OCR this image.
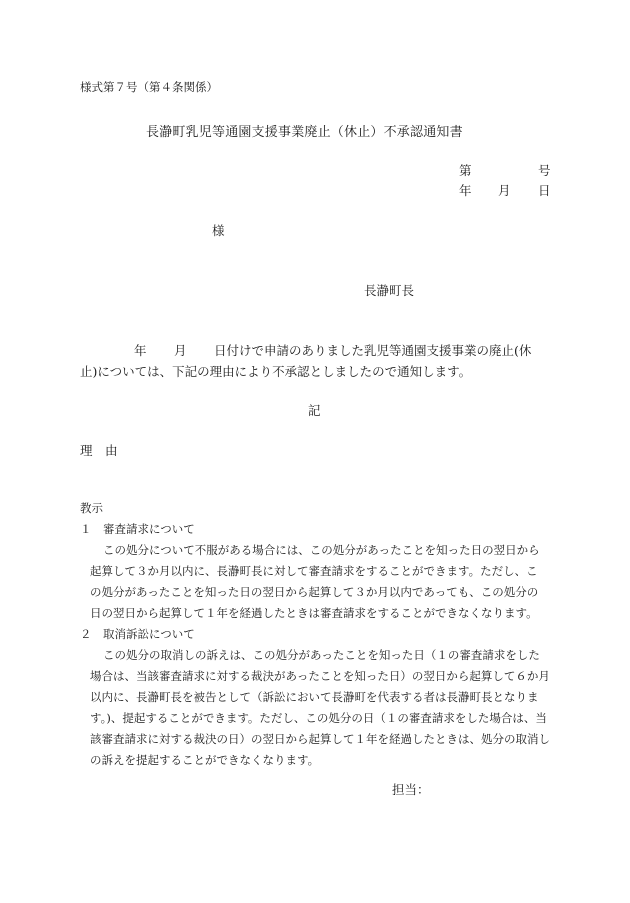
様式第７号（第４条関係）
長瀞町乳児等通園支援事業廃止（休止）不承認通知書
第	号
年 月 日
様
長瀞町長
年 月 日付けで申請のありました乳児等通園支援事業の廃止(休
止)については、下記の理由により不承認としましたので通知します。
記
理　由
教示
１　審査請求について
この処分について不服がある場合には、この処分があったことを知った日の翌日から
起算して３か月以内に、長瀞町長に対して審査請求をすることができます。ただし、こ
の処分があったことを知った日の翌日から起算して３か月以内であっても、この処分の
日の翌日から起算して１年を経過したときは審査請求をすることができなくなります。
２　取消訴訟について
この処分の取消しの訴えは、この処分があったことを知った日（１の審査請求をした
場合は、当該審査請求に対する裁決があったことを知った日）の翌日から起算して６か月
以内に、長瀞町長を被告として（訴訟において長瀞町を代表する者は長瀞町長となりま
す。)、提起することができます。ただし、この処分の日（１の審査請求をした場合は、当
該審査請求に対する裁決の日）の翌日から起算して１年を経過したときは、処分の取消し
の訴えを提起することができなくなります。
担当：
